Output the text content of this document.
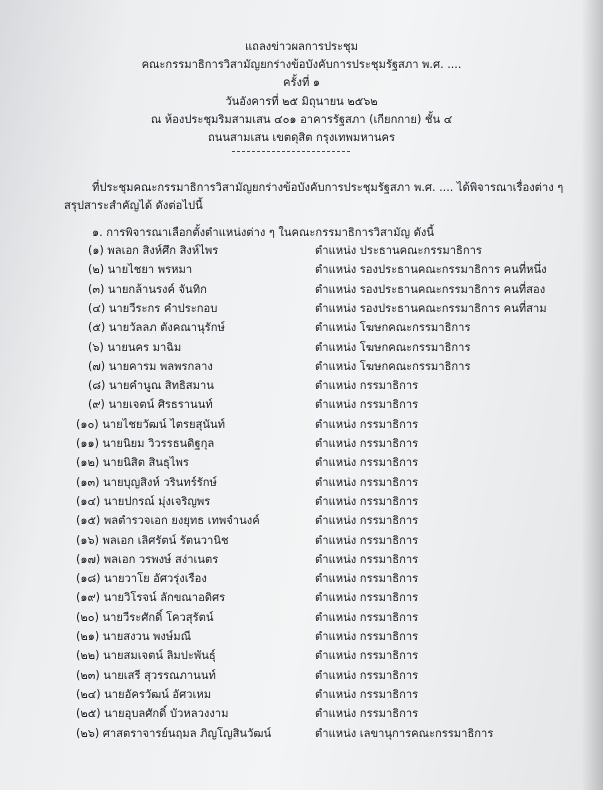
แถลงข่าวผลการประชุม
คณะกรรมาธิการวิสามัญยกร่างข้อบังคับการประชุมรัฐสภา พ.ศ. ....
ครั้งที่ ๑
วันอังคารที่ ๒๕ มิถุนายน ๒๕๖๒
ณ ห้องประชุมริมสามเสน ๔๐๑ อาคารรัฐสภา (เกียกกาย) ชั้น ๔
ถนนสามเสน เขตดุสิต กรุงเทพมหานคร
ที่ประชุมคณะกรรมาธิการวิสามัญยกร่างข้อบังคับการประชุมรัฐสภา พ.ศ. .... ได้พิจารณาเรื่องต่าง ๆ
สรุปสาระสำคัญได้ ดังต่อไปนี้
๑. การพิจารณาเลือกตั้งตำแหน่งต่าง ๆ ในคณะกรรมาธิการวิสามัญ ดังนี้
(๑) พลเอก สิงห์ศึก สิงห์ไพร	ตำแหน่ง ประธานคณะกรรมาธิการ
(๒) นายไชยา พรหมา	ตำแหน่ง รองประธานคณะกรรมาธิการ คนที่หนึ่ง
(๓) นายกล้านรงค์ จันทิก	ตำแหน่ง รองประธานคณะกรรมาธิการ คนที่สอง
(๔) นายวีระกร คำประกอบ	ตำแหน่ง รองประธานคณะกรรมาธิการ คนที่สาม
(๕) นายวัลลภ ตังคณานุรักษ์	ตำแหน่ง โฆษกคณะกรรมาธิการ
(๖) นายนคร มาฉิม	ตำแหน่ง โฆษกคณะกรรมาธิการ
(๗) นายคารม พลพรกลาง	ตำแหน่ง โฆษกคณะกรรมาธิการ
(๘) นายคำนูณ สิทธิสมาน	ตำแหน่ง กรรมาธิการ
(๙) นายเจตน์ ศิรธรานนท์	ตำแหน่ง กรรมาธิการ
(๑๐) นายไชยวัฒน์ ไตรยสุนันท์	ตำแหน่ง กรรมาธิการ
(๑๑) นายนิยม วิวรรธนดิฐกุล	ตำแหน่ง กรรมาธิการ
(๑๒) นายนิสิต สินธุไพร	ตำแหน่ง กรรมาธิการ
(๑๓) นายบุญสิงห์ วรินทร์รักษ์	ตำแหน่ง กรรมาธิการ
(๑๔) นายปกรณ์ มุ่งเจริญพร	ตำแหน่ง กรรมาธิการ
(๑๕) พลตำรวจเอก ยงยุทธ เทพจำนงค์	ตำแหน่ง กรรมาธิการ
(๑๖) พลเอก เลิศรัตน์ รัตนวานิช	ตำแหน่ง กรรมาธิการ
(๑๗) พลเอก วรพงษ์ สง่าเนตร	ตำแหน่ง กรรมาธิการ
(๑๘) นายวาโย อัศวรุ่งเรือง	ตำแหน่ง กรรมาธิการ
(๑๙) นายวิโรจน์ ลักขณาอดิศร	ตำแหน่ง กรรมาธิการ
(๒๐) นายวีระศักดิ์ โควสุรัตน์	ตำแหน่ง กรรมาธิการ
(๒๑) นายสงวน พงษ์มณี	ตำแหน่ง กรรมาธิการ
(๒๒) นายสมเจตน์ ลิมปะพันธุ์	ตำแหน่ง กรรมาธิการ
(๒๓) นายเสรี สุวรรณภานนท์	ตำแหน่ง กรรมาธิการ
(๒๔) นายอัครวัฒน์ อัศวเหม	ตำแหน่ง กรรมาธิการ
(๒๕) นายอุบลศักดิ์ บัวหลวงงาม	ตำแหน่ง กรรมาธิการ
(๒๖) ศาสตราจารย์นฤมล ภิญโญสินวัฒน์	ตำแหน่ง เลขานุการคณะกรรมาธิการ
